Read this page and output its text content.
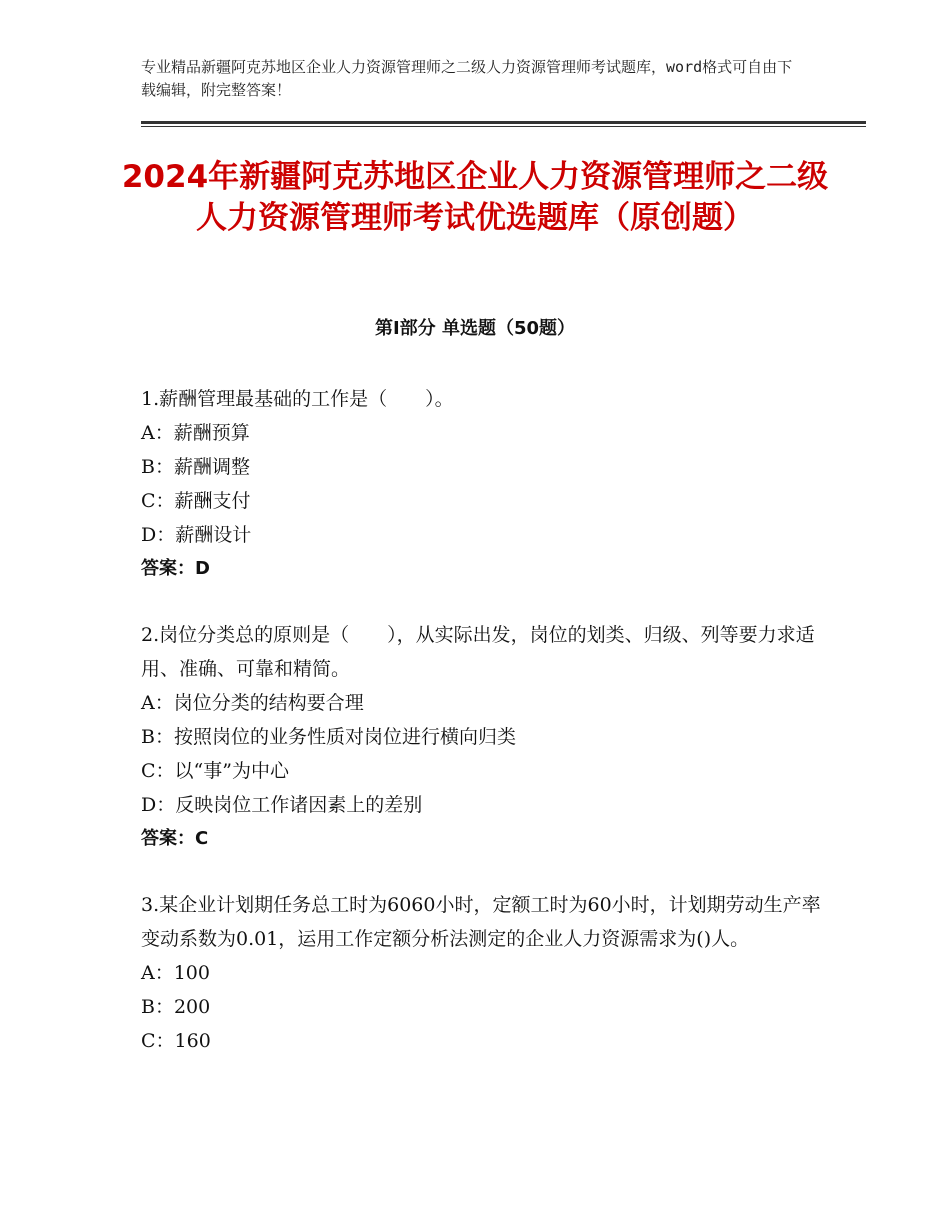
专业精品新疆阿克苏地区企业人力资源管理师之二级人力资源管理师考试题库，word格式可自由下载编辑，附完整答案！
2024年新疆阿克苏地区企业人力资源管理师之二级人力资源管理师考试优选题库（原创题）
第Ⅰ部分 单选题（50题）

1.薪酬管理最基础的工作是（　　）。

A：薪酬预算

B：薪酬调整

C：薪酬支付

D：薪酬设计

答案：D

2.岗位分类总的原则是（　　），从实际出发，岗位的划类、归级、列等要力求适用、准确、可靠和精简。

A：岗位分类的结构要合理

B：按照岗位的业务性质对岗位进行横向归类

C：以“事”为中心

D：反映岗位工作诸因素上的差别

答案：C

3.某企业计划期任务总工时为6060小时，定额工时为60小时，计划期劳动生产率变动系数为0.01，运用工作定额分析法测定的企业人力资源需求为()人。

A：100

B：200

C：160
